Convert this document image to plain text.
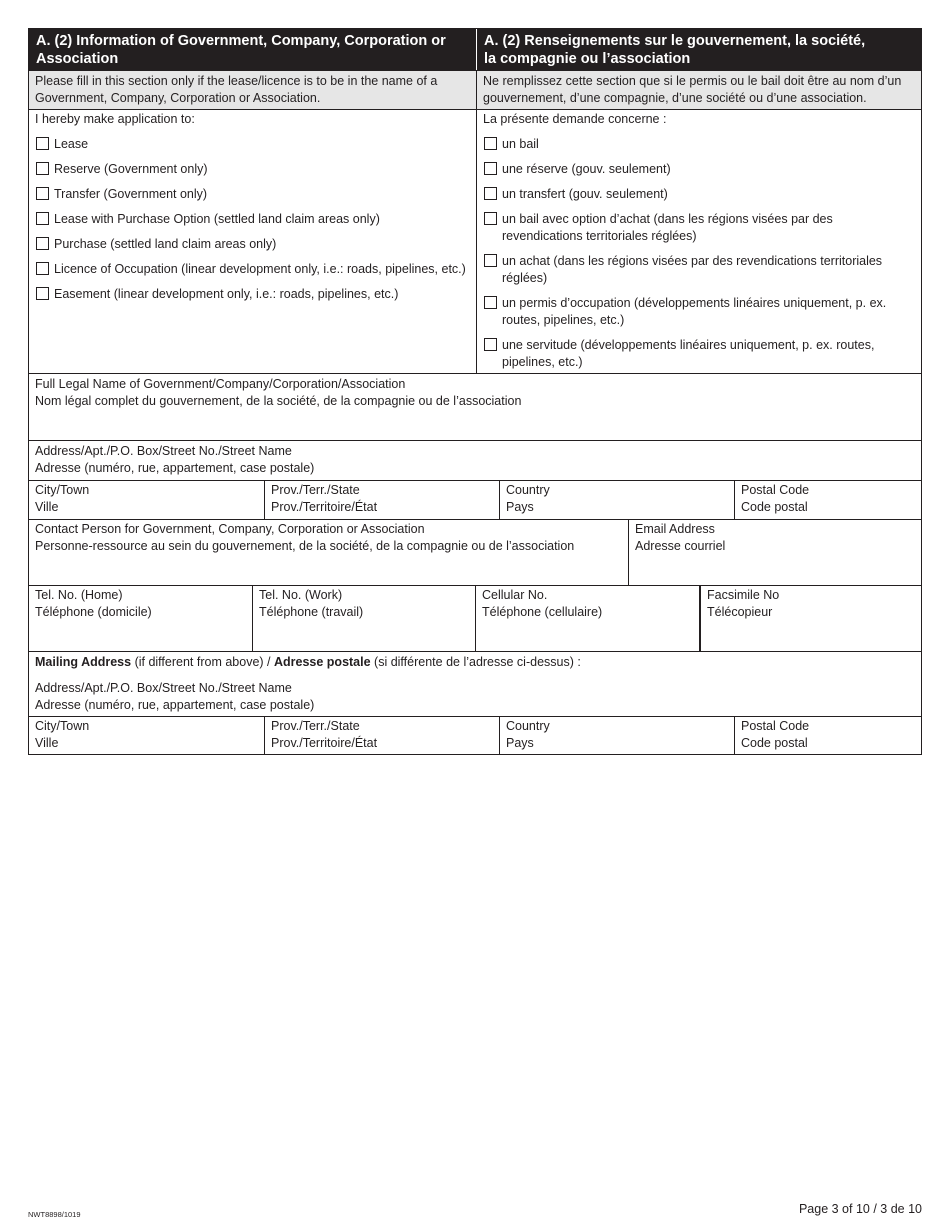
A. (2) Information of Government, Company, Corporation or Association
A. (2) Renseignements sur le gouvernement, la société,
la compagnie ou l’association
Please fill in this section only if the lease/licence is to be in the name of a Government, Company, Corporation or Association.
Ne remplissez cette section que si le permis ou le bail doit être au nom d’un gouvernement, d’une compagnie, d’une société ou d’une association.
I hereby make application to:
Lease
Reserve (Government only)
Transfer (Government only)
Lease with Purchase Option (settled land claim areas only)
Purchase (settled land claim areas only)
Licence of Occupation (linear development only, i.e.: roads, pipelines, etc.)
Easement (linear development only, i.e.: roads, pipelines, etc.)
La présente demande concerne :
un bail
une réserve (gouv. seulement)
un transfert (gouv. seulement)
un bail avec option d’achat (dans les régions visées par des revendications territoriales réglées)
un achat (dans les régions visées par des revendications territoriales réglées)
un permis d’occupation (développements linéaires uniquement, p. ex. routes, pipelines, etc.)
une servitude (développements linéaires uniquement, p. ex. routes, pipelines, etc.)
Full Legal Name of Government/Company/Corporation/Association
Nom légal complet du gouvernement, de la société, de la compagnie ou de l’association
Address/Apt./P.O. Box/Street No./Street Name
Adresse (numéro, rue, appartement, case postale)
City/Town
Ville
Prov./Terr./State
Prov./Territoire/État
Country
Pays
Postal Code
Code postal
Contact Person for Government, Company, Corporation or Association
Personne-ressource au sein du gouvernement, de la société, de la compagnie ou de l’association
Email Address
Adresse courriel
Tel. No. (Home)
Téléphone (domicile)
Tel. No. (Work)
Téléphone (travail)
Cellular No.
Téléphone (cellulaire)
Facsimile No
Télécopieur
Mailing Address (if different from above) / Adresse postale (si différente de l’adresse ci-dessus) :
Address/Apt./P.O. Box/Street No./Street Name
Adresse (numéro, rue, appartement, case postale)
City/Town
Ville
Prov./Terr./State
Prov./Territoire/État
Country
Pays
Postal Code
Code postal
NWT8898/1019	Page 3 of 10 / 3 de 10
